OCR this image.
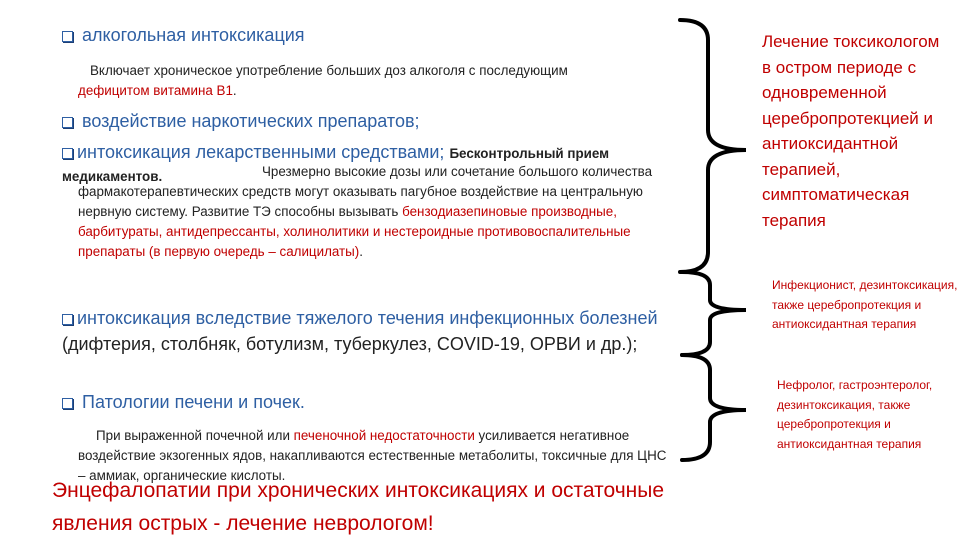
алкогольная интоксикация
Включает хроническое употребление больших доз алкоголя с последующим дефицитом витамина В1.
воздействие наркотических препаратов;
интоксикация лекарственными средствами; Бесконтрольный прием медикаментов.	Чрезмерно высокие дозы или сочетание большого количества фармакотерапевтических средств могут оказывать пагубное воздействие на центральную нервную систему. Развитие ТЭ способны вызывать бензодиазепиновые производные, барбитураты, антидепрессанты, холинолитики и нестероидные противовоспалительные препараты (в первую очередь – салицилаты).
интоксикация вследствие тяжелого течения инфекционных болезней (дифтерия, столбняк, ботулизм, туберкулез, COVID-19, ОРВИ и др.);
Патологии печени и почек.
При выраженной почечной или печеночной недостаточности усиливается негативное воздействие экзогенных ядов, накапливаются естественные метаболиты, токсичные для ЦНС – аммиак, органические кислоты.
Лечение токсикологом в остром периоде с одновременной церебропротекцией и антиоксидантной терапией, симптоматическая терапия
Инфекционист, дезинтоксикация, также церебропротекция и антиоксидантная терапия
Нефролог, гастроэнтеролог, дезинтоксикация, также церебропротекция и антиоксидантная терапия
Энцефалопатии при хронических интоксикациях и остаточные явления острых - лечение неврологом!
